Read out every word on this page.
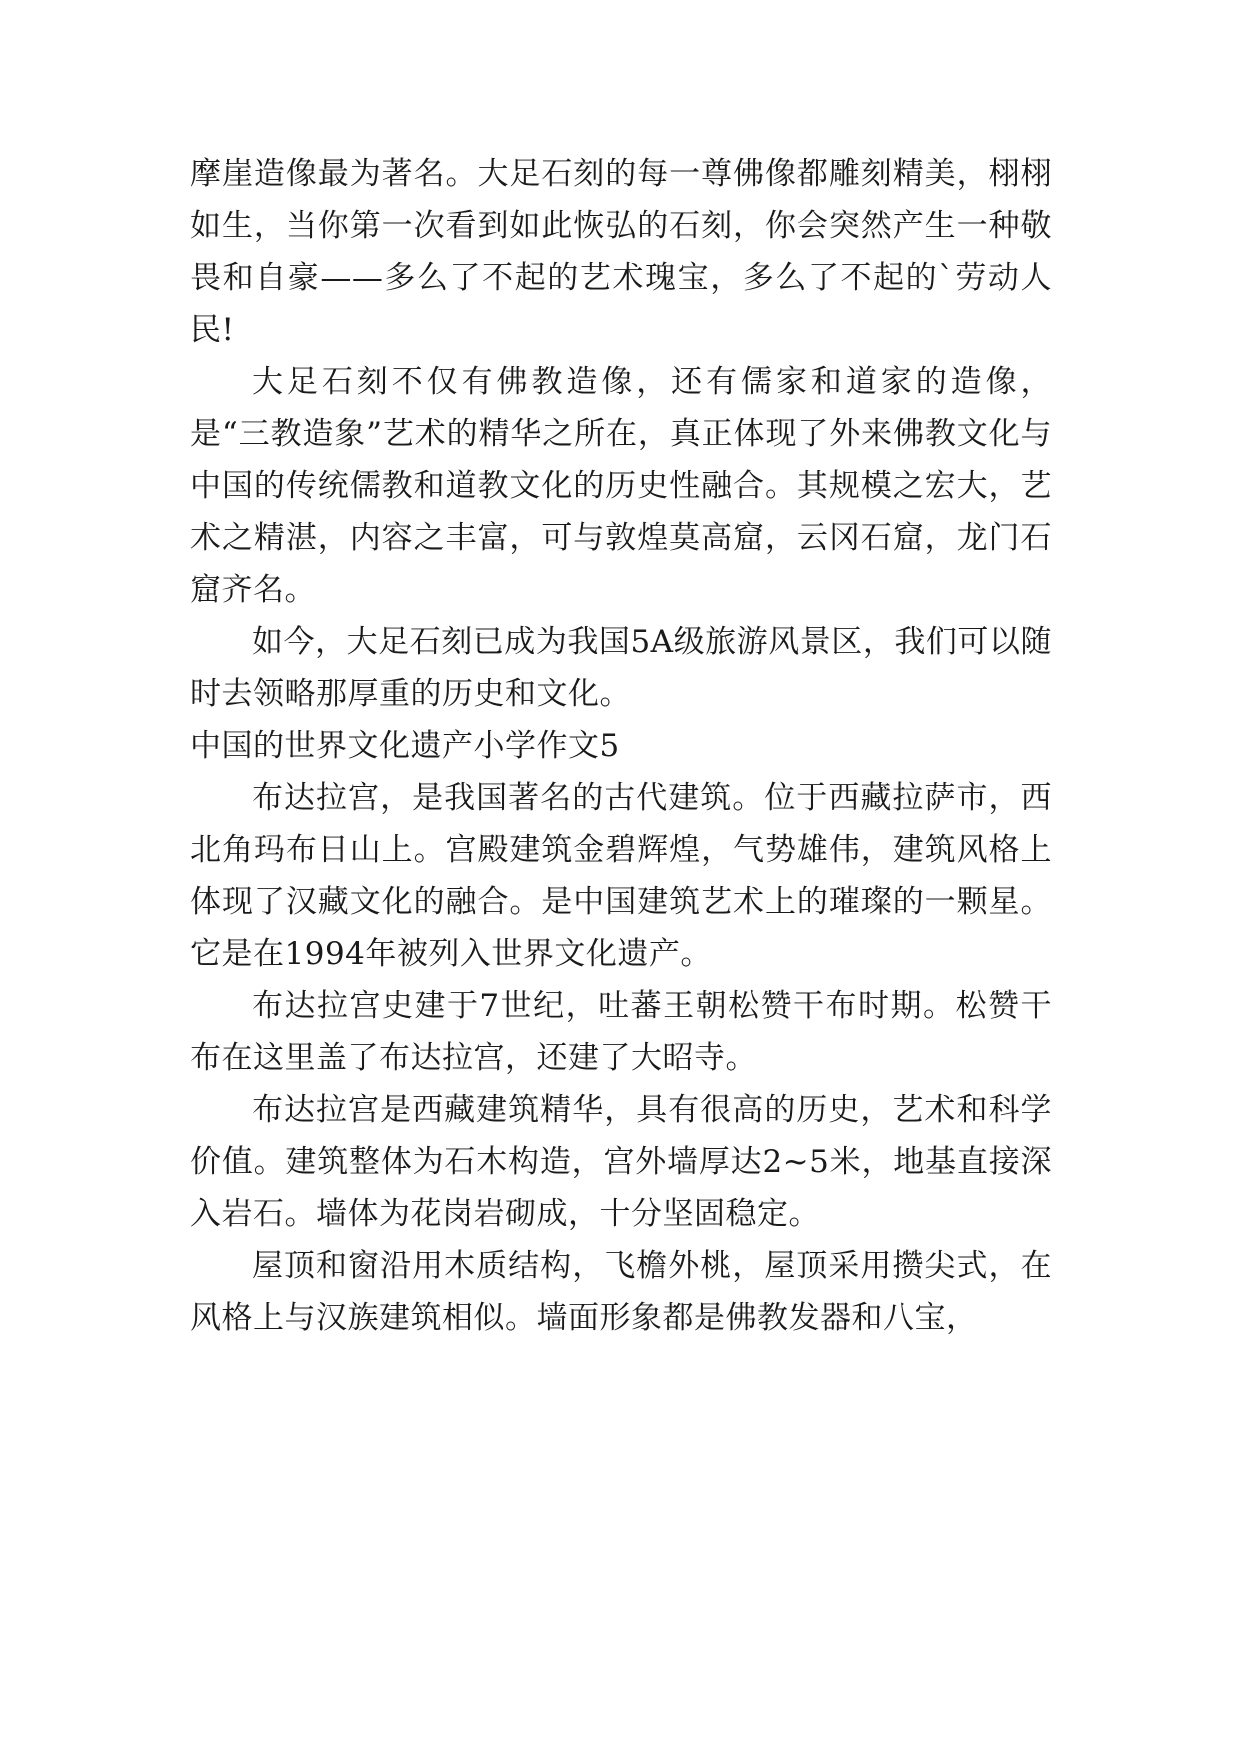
摩崖造像最为著名。大足石刻的每一尊佛像都雕刻精美，栩栩如生，当你第一次看到如此恢弘的石刻，你会突然产生一种敬畏和自豪——多么了不起的艺术瑰宝，多么了不起的`劳动人民!

大足石刻不仅有佛教造像，还有儒家和道家的造像，是“三教造象”艺术的精华之所在，真正体现了外来佛教文化与中国的传统儒教和道教文化的历史性融合。其规模之宏大，艺术之精湛，内容之丰富，可与敦煌莫高窟，云冈石窟，龙门石窟齐名。

如今，大足石刻已成为我国5A级旅游风景区，我们可以随时去领略那厚重的历史和文化。

中国的世界文化遗产小学作文5

布达拉宫，是我国著名的古代建筑。位于西藏拉萨市，西北角玛布日山上。宫殿建筑金碧辉煌，气势雄伟，建筑风格上体现了汉藏文化的融合。是中国建筑艺术上的璀璨的一颗星。它是在1994年被列入世界文化遗产。

布达拉宫史建于7世纪，吐蕃王朝松赞干布时期。松赞干布在这里盖了布达拉宫，还建了大昭寺。

布达拉宫是西藏建筑精华，具有很高的历史，艺术和科学价值。建筑整体为石木构造，宫外墙厚达2~5米，地基直接深入岩石。墙体为花岗岩砌成，十分坚固稳定。

屋顶和窗沿用木质结构，飞檐外桃，屋顶采用攒尖式，在风格上与汉族建筑相似。墙面形象都是佛教发器和八宝，
